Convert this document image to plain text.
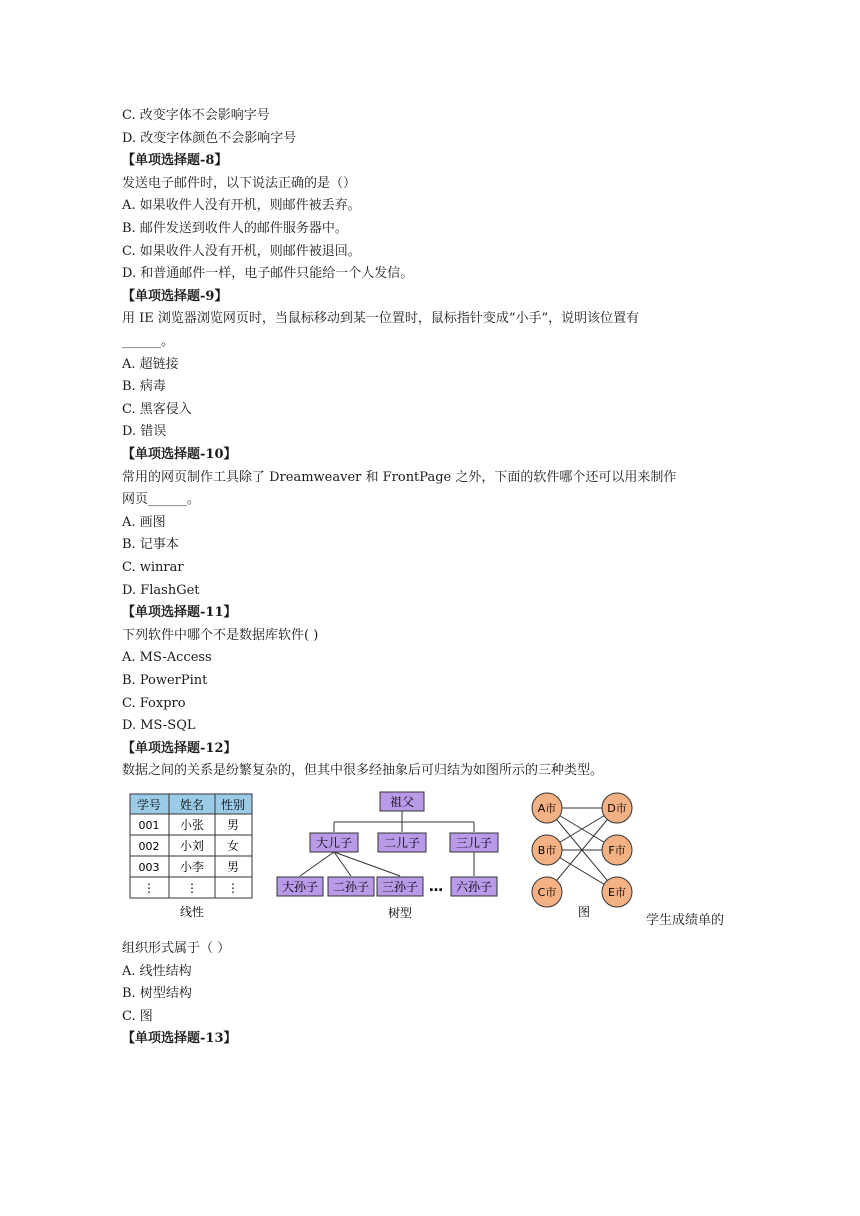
C. 改变字体不会影响字号
D. 改变字体颜色不会影响字号
【单项选择题-8】
发送电子邮件时，以下说法正确的是（）
A. 如果收件人没有开机，则邮件被丢弃。
B. 邮件发送到收件人的邮件服务器中。
C. 如果收件人没有开机，则邮件被退回。
D. 和普通邮件一样，电子邮件只能给一个人发信。
【单项选择题-9】
用 IE 浏览器浏览网页时，当鼠标移动到某一位置时，鼠标指针变成“小手”，说明该位置有
______。
A. 超链接
B. 病毒
C. 黑客侵入
D. 错误
【单项选择题-10】
常用的网页制作工具除了 Dreamweaver 和 FrontPage 之外，下面的软件哪个还可以用来制作
网页______。
A. 画图
B. 记事本
C. winrar
D. FlashGet
【单项选择题-11】
下列软件中哪个不是数据库软件( )
A. MS-Access
B. PowerPint
C. Foxpro
D. MS-SQL
【单项选择题-12】
数据之间的关系是纷繁复杂的，但其中很多经抽象后可归结为如图所示的三种类型。
学号 姓名 性别
001 小张 男
002 小刘 女
003 小李 男
⋮	⋮ ⋮
线性
祖父
大儿子	二儿子	三儿子
大孙子 二孙子 三孙子 … 六孙子
树型
A市
B市
C市
D市
F市
E市
图
学生成绩单的
组织形式属于（ ）
A. 线性结构
B. 树型结构
C. 图
【单项选择题-13】
